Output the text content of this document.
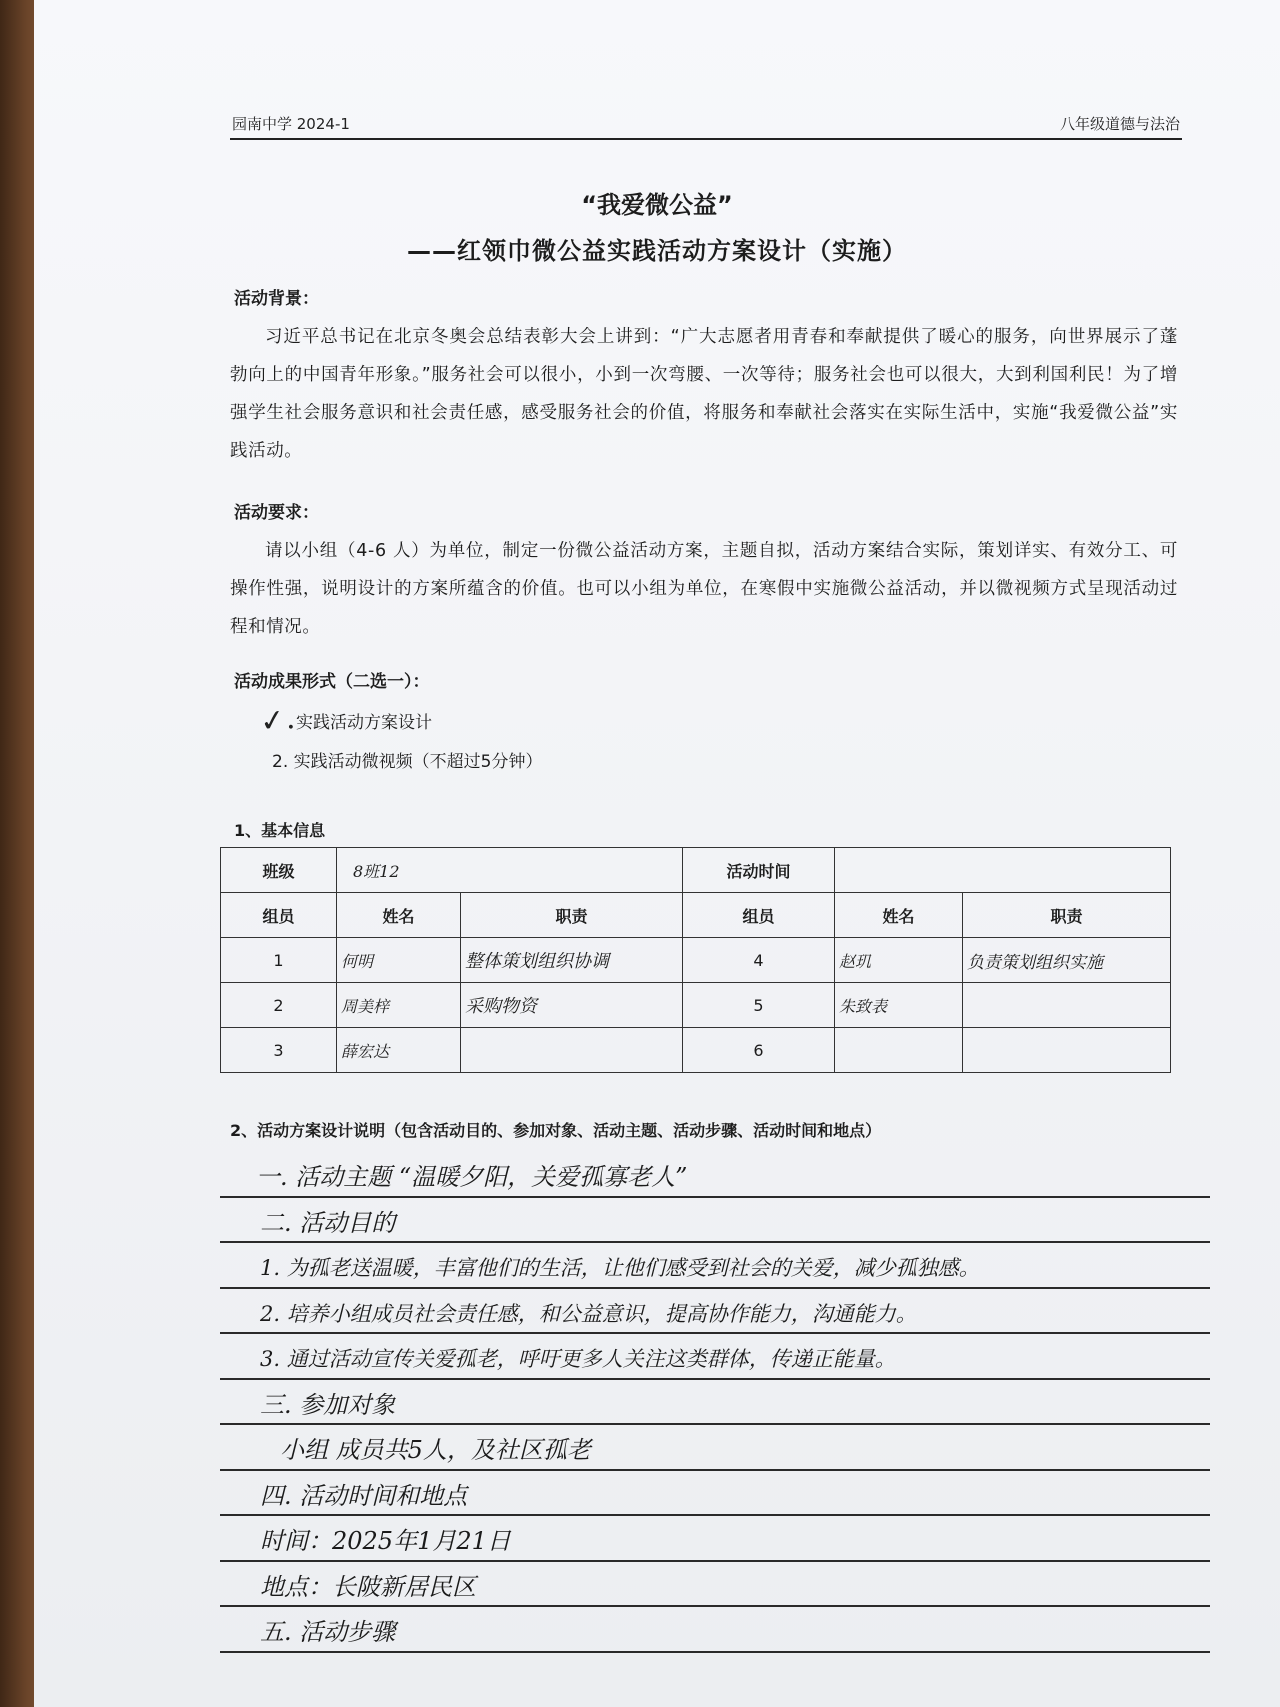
园南中学 2024-1	八年级道德与法治
“我爱微公益”
——红领巾微公益实践活动方案设计（实施）
活动背景：

习近平总书记在北京冬奥会总结表彰大会上讲到：“广大志愿者用青春和奉献提供了暖心的服务，向世界展示了蓬勃向上的中国青年形象。”服务社会可以很小，小到一次弯腰、一次等待；服务社会也可以很大，大到利国利民！为了增强学生社会服务意识和社会责任感，感受服务社会的价值，将服务和奉献社会落实在实际生活中，实施“我爱微公益”实践活动。

活动要求：

请以小组（4-6 人）为单位，制定一份微公益活动方案，主题自拟，活动方案结合实际，策划详实、有效分工、可操作性强，说明设计的方案所蕴含的价值。也可以小组为单位，在寒假中实施微公益活动，并以微视频方式呈现活动过程和情况。

活动成果形式（二选一）：
✓. 实践活动方案设计
2. 实践活动微视频（不超过5分钟）
1、基本信息
班级	8班12		活动时间		
组员	姓名	职责	组员	姓名	职责
1	何明	整体策划组织协调	4	赵玑	负责策划组织实施
2	周美梓	采购物资	5	朱致表	
3	薛宏达		6		
2、活动方案设计说明（包含活动目的、参加对象、活动主题、活动步骤、活动时间和地点）
一. 活动主题 “温暖夕阳，关爱孤寡老人”
二. 活动目的
1. 为孤老送温暖，丰富他们的生活，让他们感受到社会的关爱，减少孤独感。
2. 培养小组成员社会责任感，和公益意识，提高协作能力，沟通能力。
3. 通过活动宣传关爱孤老，呼吁更多人关注这类群体，传递正能量。
三. 参加对象
小组 成员共5人，及社区孤老
四. 活动时间和地点
时间：2025年1月21日
地点：长陂新居民区
五. 活动步骤
